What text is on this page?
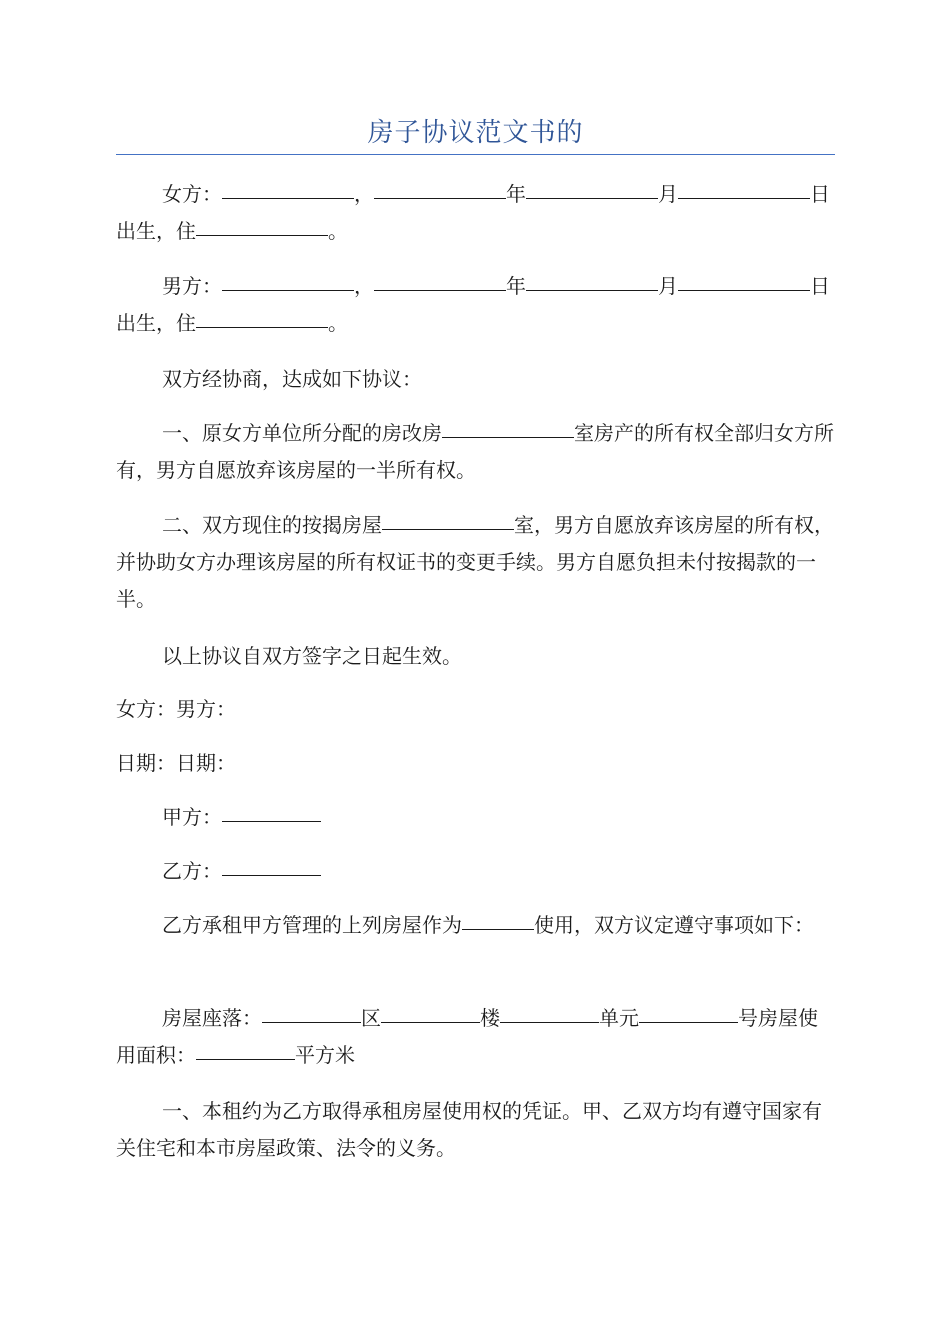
房子协议范文书的

女方：	，	年	月	日出生，住	。

男方：	，	年	月	日出生，住	。

双方经协商，达成如下协议：

一、原女方单位所分配的房改房	室房产的所有权全部归女方所有，男方自愿放弃该房屋的一半所有权。

二、双方现住的按揭房屋	室，男方自愿放弃该房屋的所有权，并协助女方办理该房屋的所有权证书的变更手续。男方自愿负担未付按揭款的一半。

以上协议自双方签字之日起生效。

女方：男方：

日期：日期：

甲方：

乙方：

乙方承租甲方管理的上列房屋作为	使用，双方议定遵守事项如下：

房屋座落：	区	楼	单元	号房屋使用面积：	平方米

一、本租约为乙方取得承租房屋使用权的凭证。甲、乙双方均有遵守国家有关住宅和本市房屋政策、法令的义务。
